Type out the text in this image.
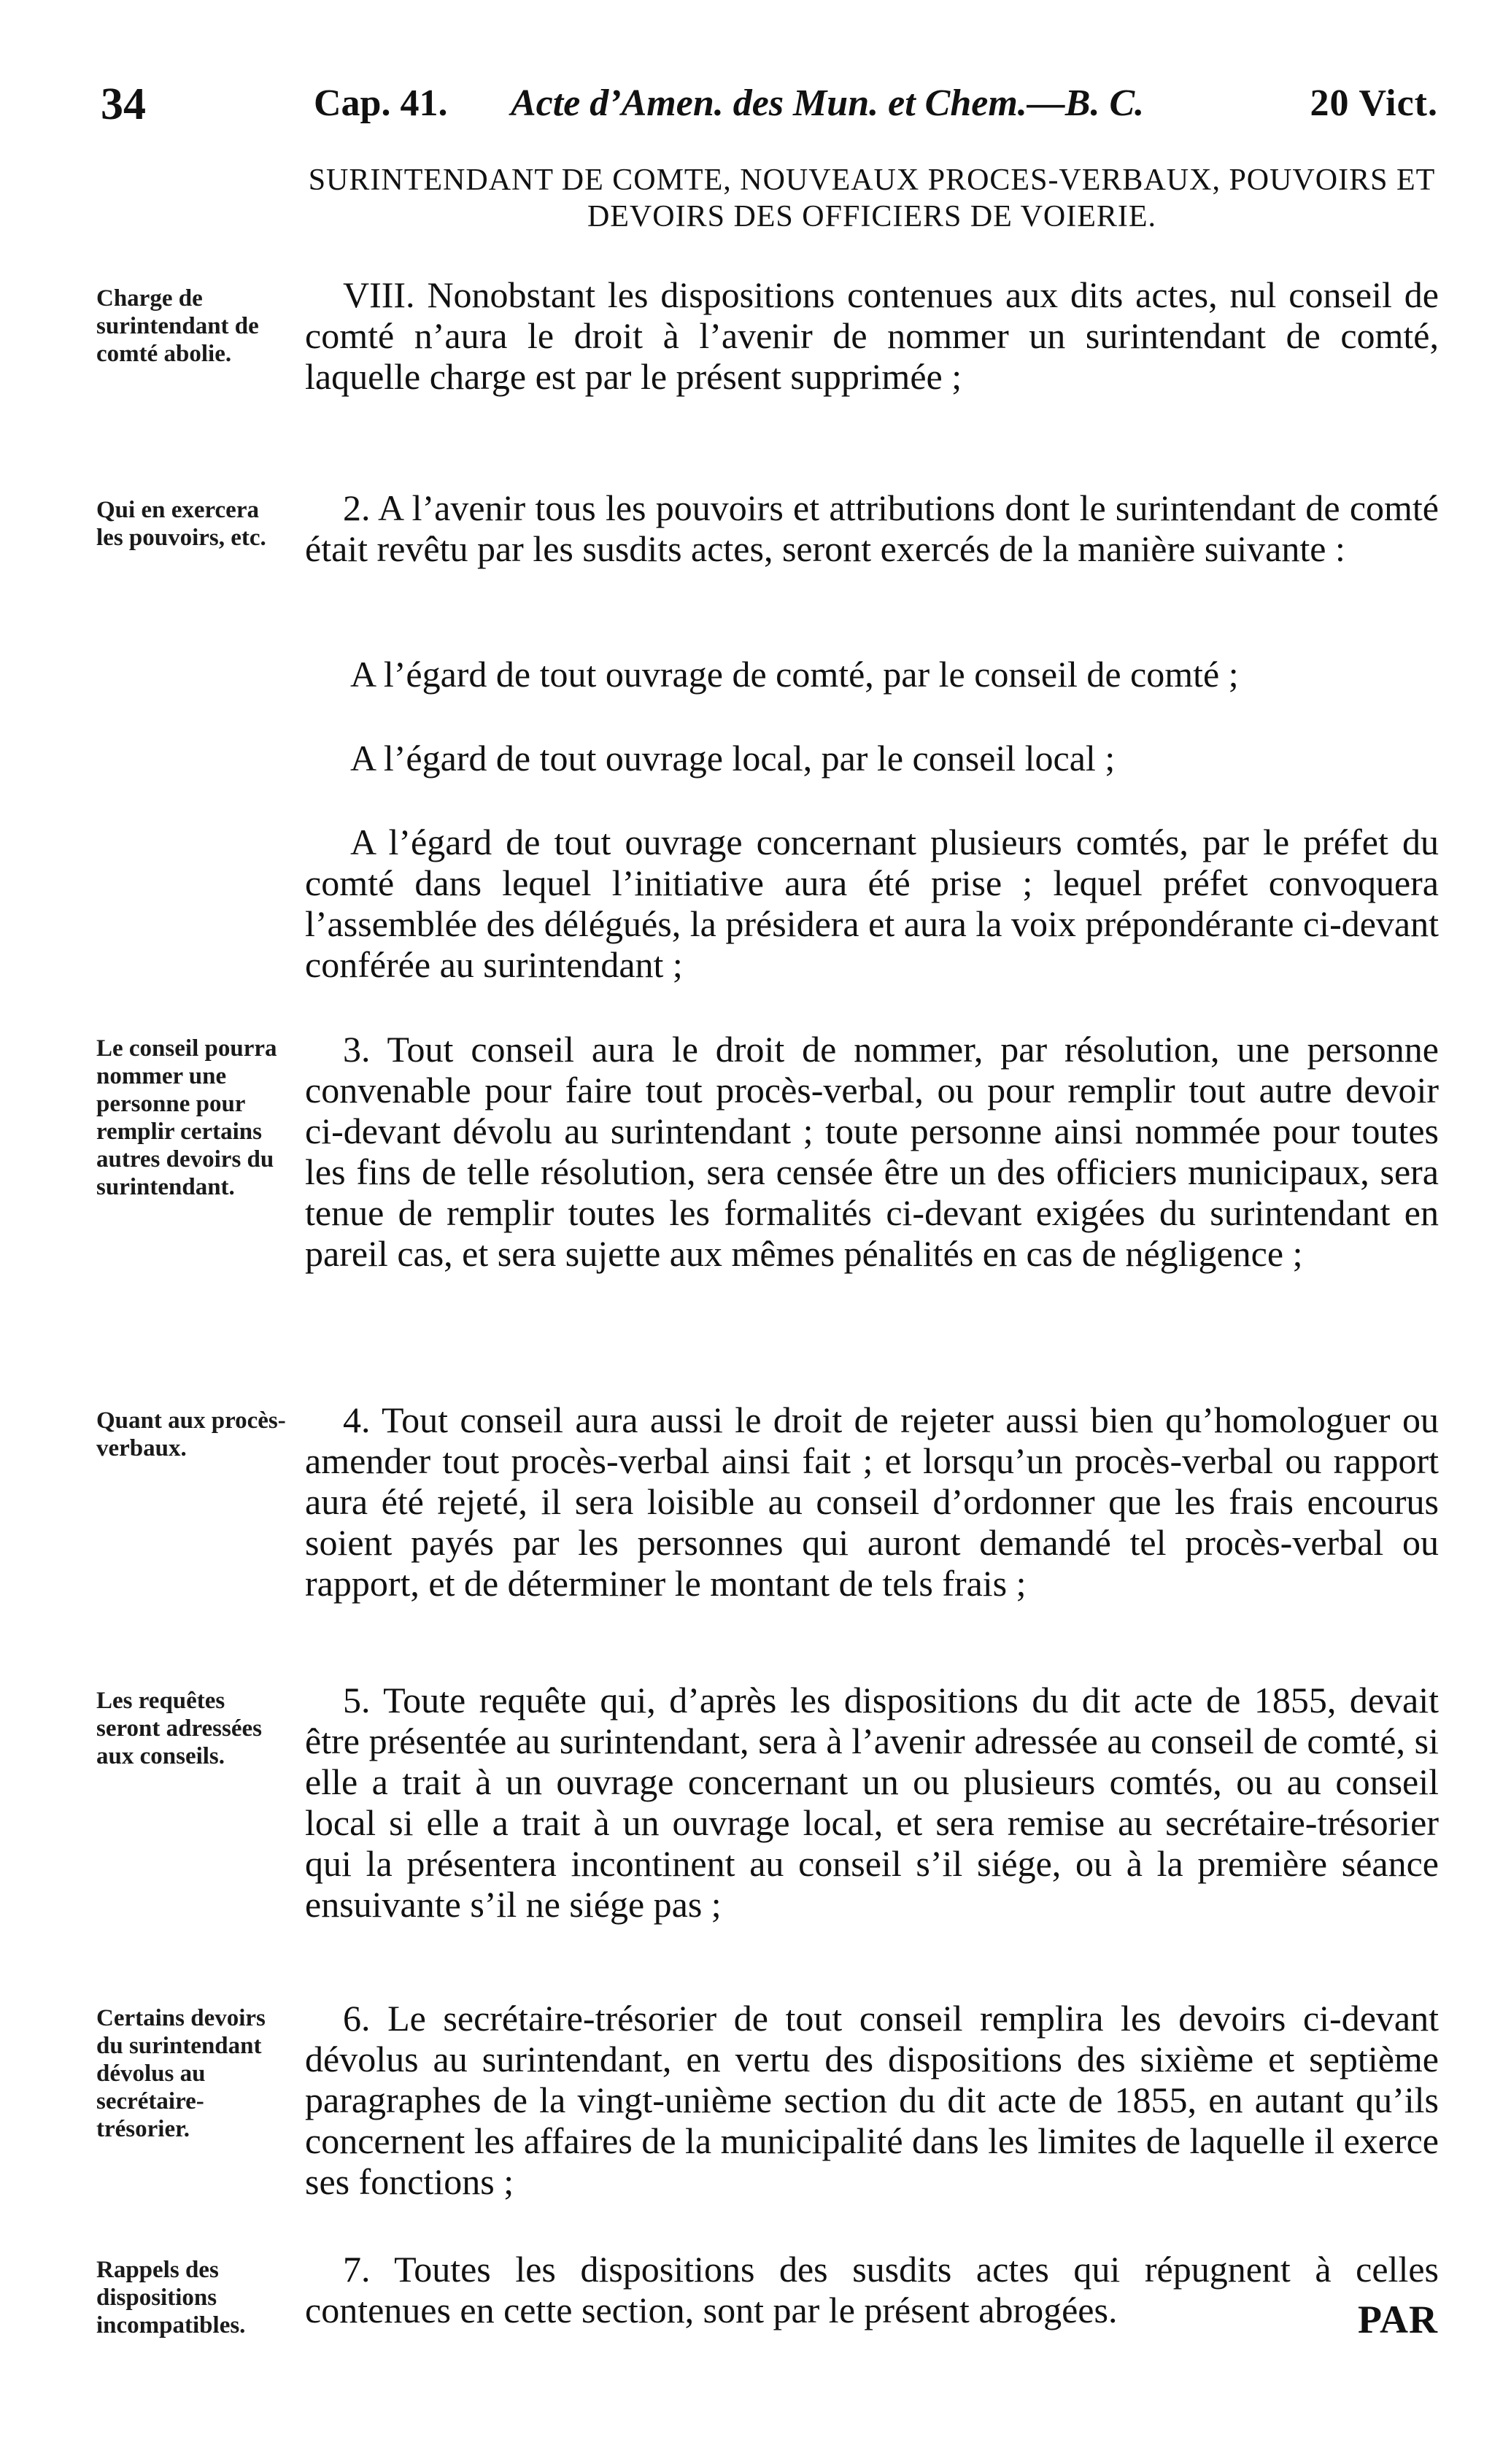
34	Cap. 41. Acte d’Amen. des Mun. et Chem.—B. C.	20 Vict.
SURINTENDANT DE COMTE, NOUVEAUX PROCES-VERBAUX, POUVOIRS ET DEVOIRS DES OFFICIERS DE VOIERIE.
Charge de surintendant de comté abolie.
Qui en exercera les pouvoirs, etc.
Le conseil pourra nommer une personne pour remplir certains autres devoirs du surintendant.
Quant aux procès-verbaux.
Les requêtes seront adressées aux conseils.
Certains devoirs du surintendant dévolus au secrétaire-trésorier.
Rappels des dispositions incompatibles.
VIII. Nonobstant les dispositions contenues aux dits actes, nul conseil de comté n’aura le droit à l’avenir de nommer un surintendant de comté, laquelle charge est par le présent supprimée ;
2. A l’avenir tous les pouvoirs et attributions dont le surintendant de comté était revêtu par les susdits actes, seront exercés de la manière suivante :
A l’égard de tout ouvrage de comté, par le conseil de comté ;
A l’égard de tout ouvrage local, par le conseil local ;
A l’égard de tout ouvrage concernant plusieurs comtés, par le préfet du comté dans lequel l’initiative aura été prise ; lequel préfet convoquera l’assemblée des délégués, la présidera et aura la voix prépondérante ci-devant conférée au surintendant ;
3. Tout conseil aura le droit de nommer, par résolution, une personne convenable pour faire tout procès-verbal, ou pour remplir tout autre devoir ci-devant dévolu au surintendant ; toute personne ainsi nommée pour toutes les fins de telle résolution, sera censée être un des officiers municipaux, sera tenue de remplir toutes les formalités ci-devant exigées du surintendant en pareil cas, et sera sujette aux mêmes pénalités en cas de négligence ;
4. Tout conseil aura aussi le droit de rejeter aussi bien qu’homologuer ou amender tout procès-verbal ainsi fait ; et lorsqu’un procès-verbal ou rapport aura été rejeté, il sera loisible au conseil d’ordonner que les frais encourus soient payés par les personnes qui auront demandé tel procès-verbal ou rapport, et de déterminer le montant de tels frais ;
5. Toute requête qui, d’après les dispositions du dit acte de 1855, devait être présentée au surintendant, sera à l’avenir adressée au conseil de comté, si elle a trait à un ouvrage concernant un ou plusieurs comtés, ou au conseil local si elle a trait à un ouvrage local, et sera remise au secrétaire-trésorier qui la présentera incontinent au conseil s’il siége, ou à la première séance ensuivante s’il ne siége pas ;
6. Le secrétaire-trésorier de tout conseil remplira les devoirs ci-devant dévolus au surintendant, en vertu des dispositions des sixième et septième paragraphes de la vingt-unième section du dit acte de 1855, en autant qu’ils concernent les affaires de la municipalité dans les limites de laquelle il exerce ses fonctions ;
7. Toutes les dispositions des susdits actes qui répugnent à celles contenues en cette section, sont par le présent abrogées.	PAR
